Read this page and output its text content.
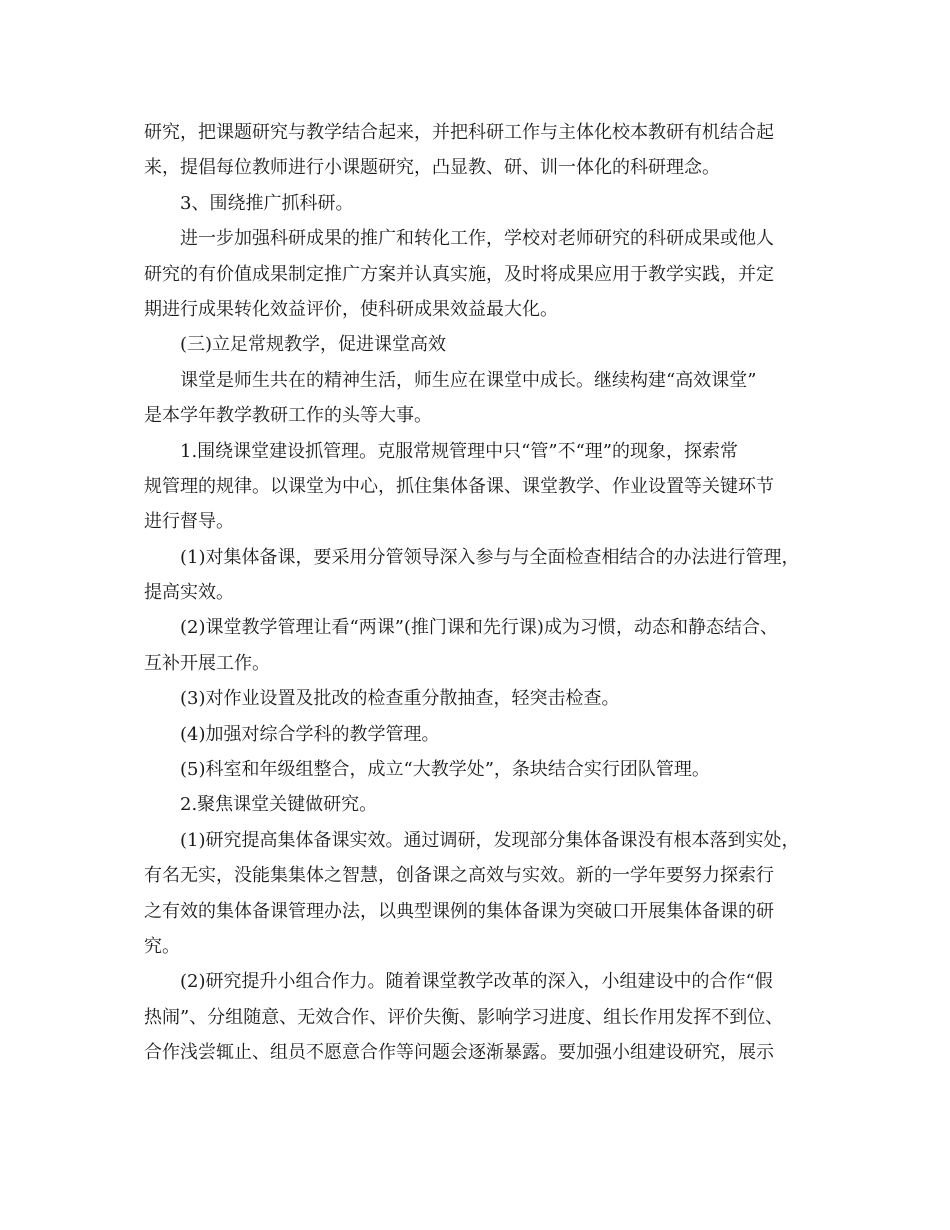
研究，把课题研究与教学结合起来，并把科研工作与主体化校本教研有机结合起
来，提倡每位教师进行小课题研究，凸显教、研、训一体化的科研理念。
3、围绕推广抓科研。
进一步加强科研成果的推广和转化工作，学校对老师研究的科研成果或他人
研究的有价值成果制定推广方案并认真实施，及时将成果应用于教学实践，并定
期进行成果转化效益评价，使科研成果效益最大化。
(三)立足常规教学，促进课堂高效
课堂是师生共在的精神生活，师生应在课堂中成长。继续构建“高效课堂”
是本学年教学教研工作的头等大事。
1.围绕课堂建设抓管理。克服常规管理中只“管”不“理”的现象，探索常
规管理的规律。以课堂为中心，抓住集体备课、课堂教学、作业设置等关键环节
进行督导。
(1)对集体备课，要采用分管领导深入参与与全面检查相结合的办法进行管理，
提高实效。
(2)课堂教学管理让看“两课”(推门课和先行课)成为习惯，动态和静态结合、
互补开展工作。
(3)对作业设置及批改的检查重分散抽查，轻突击检查。
(4)加强对综合学科的教学管理。
(5)科室和年级组整合，成立“大教学处”，条块结合实行团队管理。
2.聚焦课堂关键做研究。
(1)研究提高集体备课实效。通过调研，发现部分集体备课没有根本落到实处，
有名无实，没能集集体之智慧，创备课之高效与实效。新的一学年要努力探索行
之有效的集体备课管理办法，以典型课例的集体备课为突破口开展集体备课的研
究。
(2)研究提升小组合作力。随着课堂教学改革的深入，小组建设中的合作“假
热闹”、分组随意、无效合作、评价失衡、影响学习进度、组长作用发挥不到位、
合作浅尝辄止、组员不愿意合作等问题会逐渐暴露。要加强小组建设研究，展示
